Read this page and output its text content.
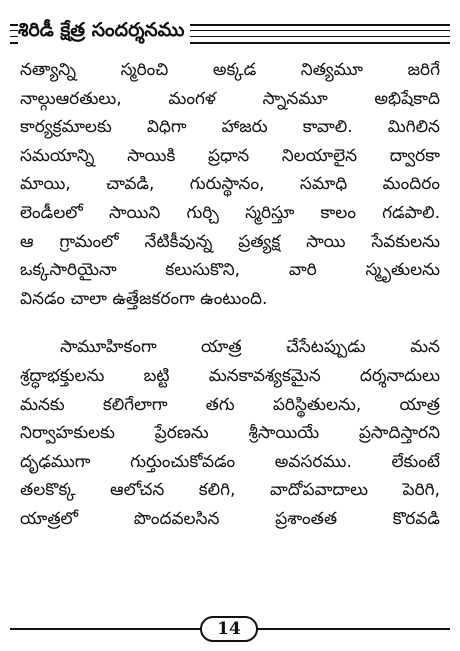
శిరిడీ క్షేత్ర సందర్శనము
నత్యాన్ని స్మరించి అక్కడ నిత్యమూ జరిగే
నాల్గుఆరతులు, మంగళ స్నానమూ అభిషేకాది
కార్యక్రమాలకు విధిగా హాజరు కావాలి. మిగిలిన
సమయాన్ని సాయికి ప్రధాన నిలయాలైన ద్వారకా
మాయి, చావడి, గురుస్థానం, సమాధి మందిరం
లెండీలలో సాయిని గుర్చి స్మరిస్తూ కాలం గడపాలి.
ఆ గ్రామంలో నేటికీవున్న ప్రత్యక్ష సాయి సేవకులను
ఒక్కసారియైనా కలుసుకొని, వారి స్మృతులను
వినడం చాలా ఉత్తేజకరంగా ఉంటుంది.
సామూహికంగా యాత్ర చేసేటప్పుడు మన
శ్రద్ధాభక్తులను బట్టి మనకావశ్యకమైన దర్శనాదులు
మనకు కలిగేలాగా తగు పరిస్థితులను, యాత్ర
నిర్వాహకులకు ప్రేరణను శ్రీసాయియే ప్రసాదిస్తారని
దృఢముగా గుర్తుంచుకోవడం అవసరము. లేకుంటే
తలకొక్క ఆలోచన కలిగి, వాదోపవాదాలు పెరిగి,
యాత్రలో పొందవలసిన ప్రశాంతత కొరవడి
14
